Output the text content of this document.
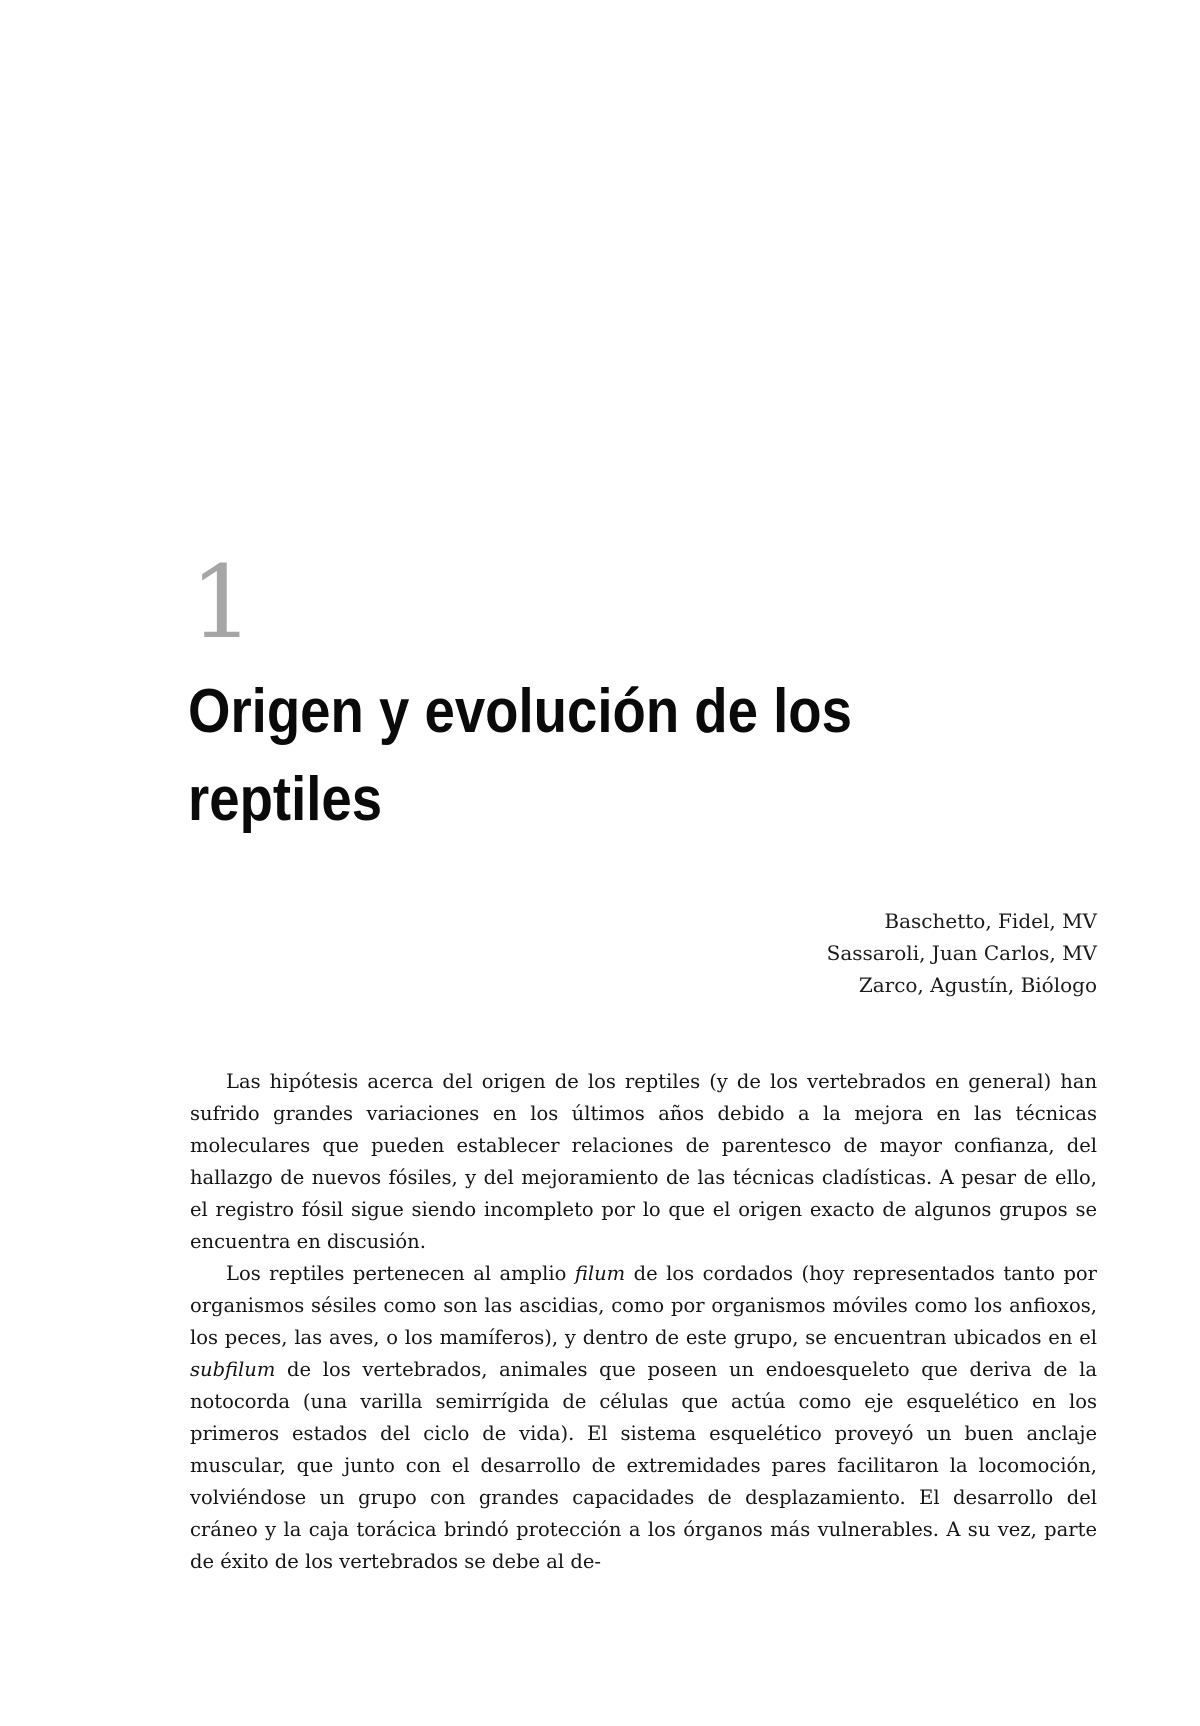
1
Origen y evolución de los reptiles
Baschetto, Fidel, MV
Sassaroli, Juan Carlos, MV
Zarco, Agustín, Biólogo

Las hipótesis acerca del origen de los reptiles (y de los vertebrados en general) han sufrido grandes variaciones en los últimos años debido a la mejora en las técnicas moleculares que pueden establecer relaciones de parentesco de mayor confianza, del hallazgo de nuevos fósiles, y del mejoramiento de las técnicas cladísticas. A pesar de ello, el registro fósil sigue siendo incompleto por lo que el origen exacto de algunos grupos se encuentra en discusión.

Los reptiles pertenecen al amplio filum de los cordados (hoy representados tanto por organismos sésiles como son las ascidias, como por organismos móviles como los anfioxos, los peces, las aves, o los mamíferos), y dentro de este grupo, se encuentran ubicados en el subfilum de los vertebrados, animales que poseen un endoesqueleto que deriva de la notocorda (una varilla semirrígida de células que actúa como eje esquelético en los primeros estados del ciclo de vida). El sistema esquelético proveyó un buen anclaje muscular, que junto con el desarrollo de extremidades pares facilitaron la locomoción, volviéndose un grupo con grandes capacidades de desplazamiento. El desarrollo del cráneo y la caja torácica brindó protección a los órganos más vulnerables. A su vez, parte de éxito de los vertebrados se debe al de-
